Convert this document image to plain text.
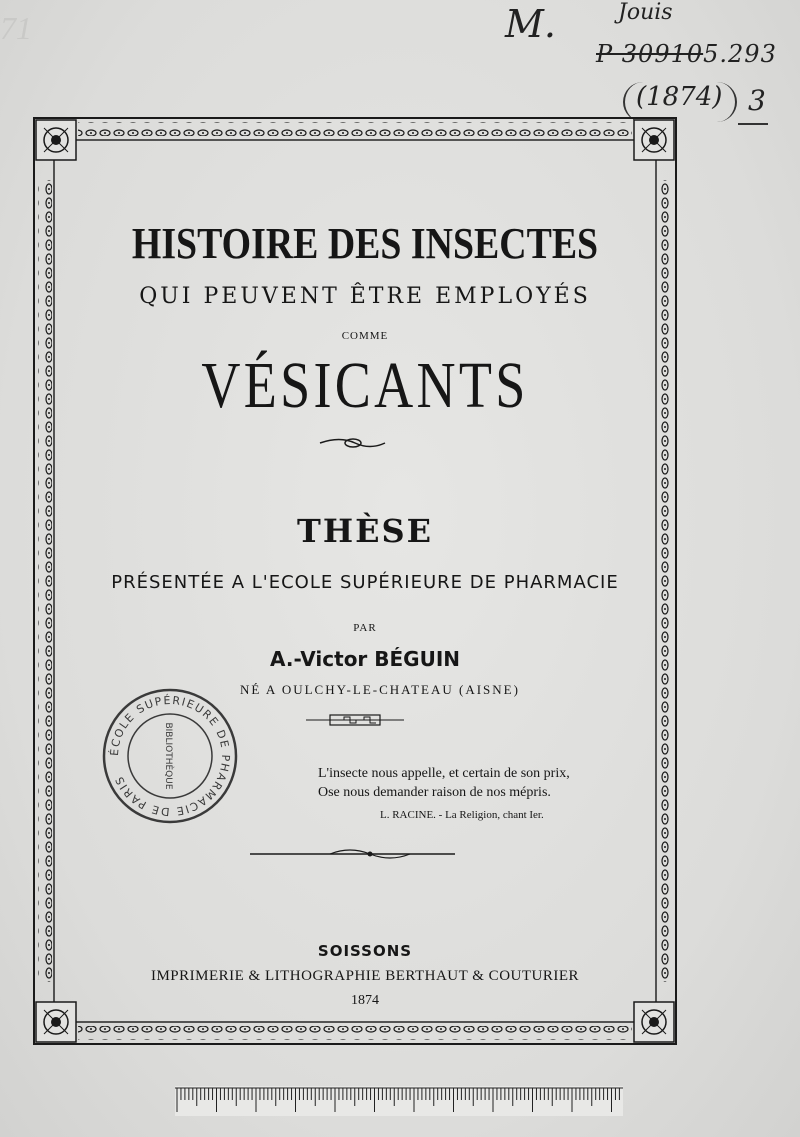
71	M.	Jouis
P 309105.293
(1874) 3
HISTOIRE DES INSECTES
QUI PEUVENT ÊTRE EMPLOYÉS
COMME
VÉSICANTS
THÈSE
PRÉSENTÉE A L'ECOLE SUPÉRIEURE DE PHARMACIE
PAR
A.-Victor BÉGUIN
NÉ A OULCHY-LE-CHATEAU (AISNE)
ÉCOLE SUPÉRIEURE DE PHARMACIE DE PARIS	BIBLIOTHÈQUE	L'insecte nous appelle, et certain de son prix,
Ose nous demander raison de nos mépris.
L. RACINE. - La Religion, chant Ier.
SOISSONS
IMPRIMERIE & LITHOGRAPHIE BERTHAUT & COUTURIER
1874
